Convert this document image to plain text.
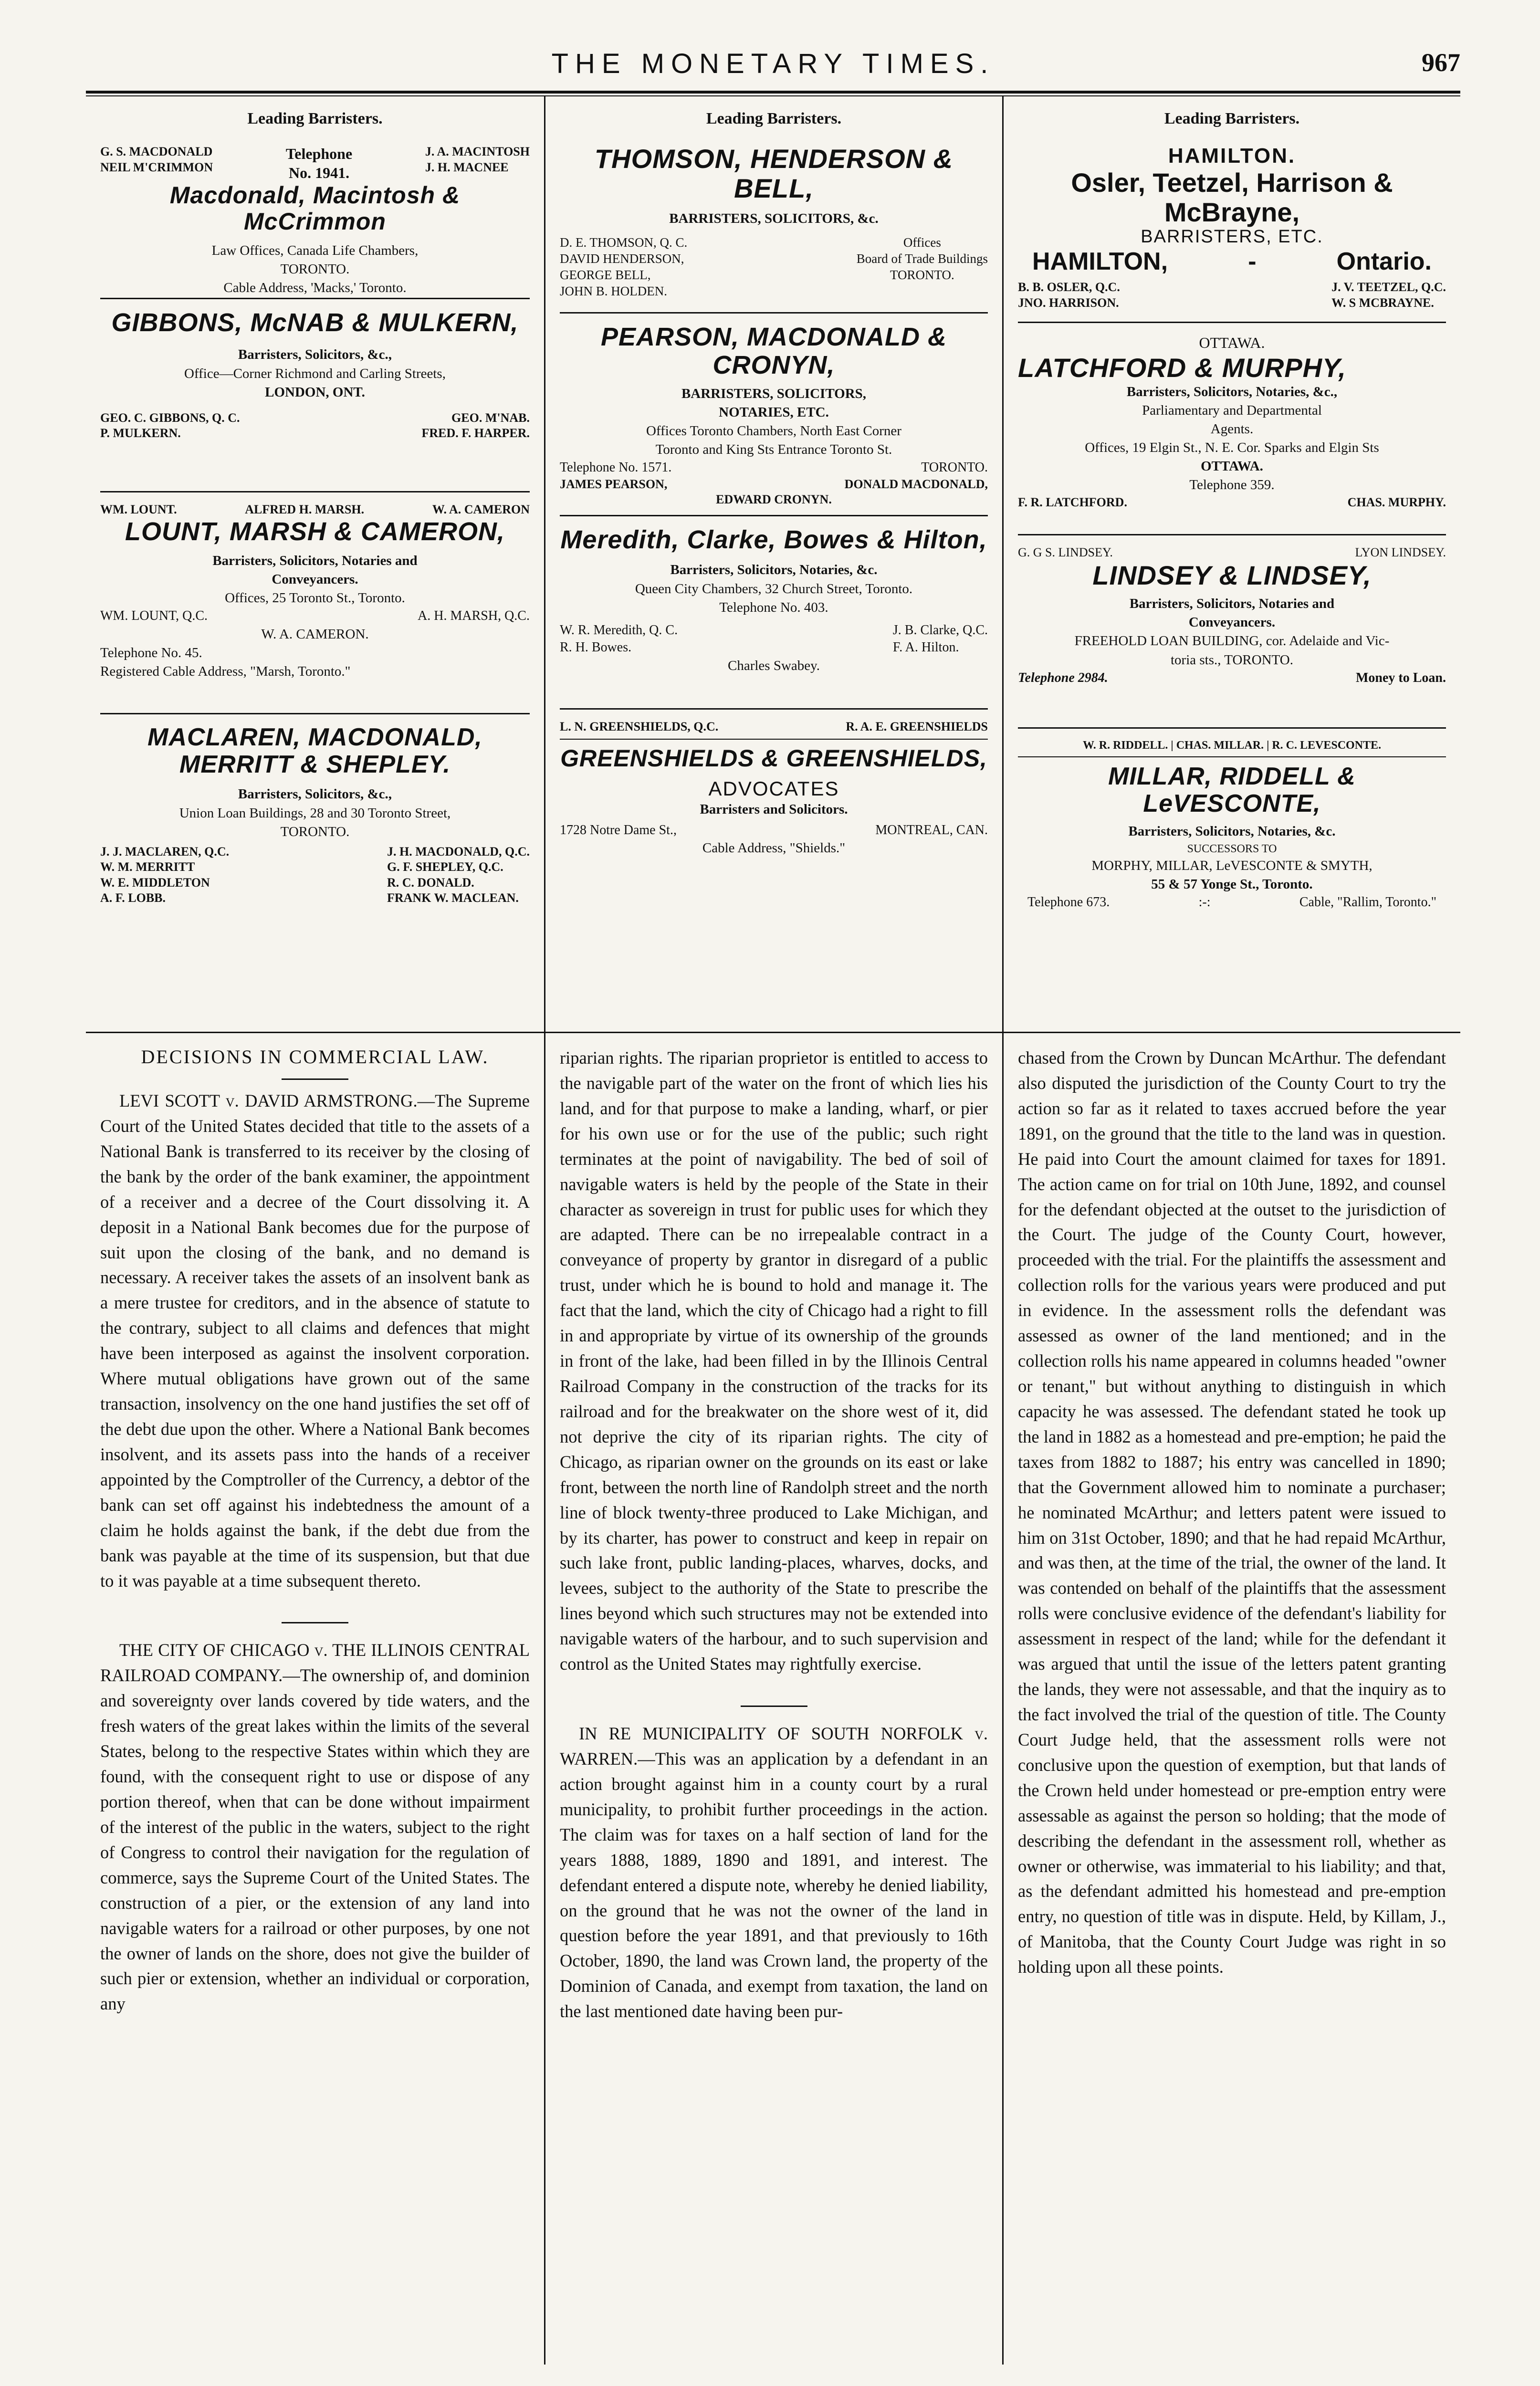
THE MONETARY TIMES.	967
Leading Barristers.
G. S. MACDONALD
NEIL M'CRIMMON
Telephone
No. 1941.
J. A. MACINTOSH
J. H. MACNEE
Macdonald, Macintosh & McCrimmon
Law Offices, Canada Life Chambers,
TORONTO.
Cable Address, 'Macks,' Toronto.
GIBBONS, McNAB & MULKERN,
Barristers, Solicitors, &c.,
Office—Corner Richmond and Carling Streets,
LONDON, ONT.
GEO. C. GIBBONS, Q. C.
P. MULKERN.
GEO. M'NAB.
FRED. F. HARPER.
WM. LOUNT.	ALFRED H. MARSH.	W. A. CAMERON
LOUNT, MARSH & CAMERON,
Barristers, Solicitors, Notaries and
Conveyancers.
Offices, 25 Toronto St., Toronto.
WM. LOUNT, Q.C.	A. H. MARSH, Q.C.
W. A. CAMERON.
Telephone No. 45.
Registered Cable Address, "Marsh, Toronto."
MACLAREN, MACDONALD, MERRITT & SHEPLEY.
Barristers, Solicitors, &c.,
Union Loan Buildings, 28 and 30 Toronto Street,
TORONTO.
J. J. MACLAREN, Q.C.
W. M. MERRITT
W. E. MIDDLETON
A. F. LOBB.
J. H. MACDONALD, Q.C.
G. F. SHEPLEY, Q.C.
R. C. DONALD.
FRANK W. MACLEAN.
Leading Barristers.
THOMSON, HENDERSON & BELL,
BARRISTERS, SOLICITORS, &c.
D. E. THOMSON, Q. C.
DAVID HENDERSON,
GEORGE BELL,
JOHN B. HOLDEN.
Offices
Board of Trade Buildings
TORONTO.
PEARSON, MACDONALD & CRONYN,
BARRISTERS, SOLICITORS,
NOTARIES, ETC.
Offices Toronto Chambers, North East Corner
Toronto and King Sts Entrance Toronto St.
Telephone No. 1571.	TORONTO.
JAMES PEARSON,	DONALD MACDONALD,
EDWARD CRONYN.
Meredith, Clarke, Bowes & Hilton,
Barristers, Solicitors, Notaries, &c.
Queen City Chambers, 32 Church Street, Toronto.
Telephone No. 403.
W. R. Meredith, Q. C.
R. H. Bowes.
J. B. Clarke, Q.C.
F. A. Hilton.
Charles Swabey.
L. N. GREENSHIELDS, Q.C.	R. A. E. GREENSHIELDS
GREENSHIELDS & GREENSHIELDS,
ADVOCATES
Barristers and Solicitors.
1728 Notre Dame St.,	MONTREAL, CAN.
Cable Address, "Shields."
Leading Barristers.
HAMILTON.
Osler, Teetzel, Harrison & McBrayne,
BARRISTERS, ETC.
HAMILTON,	-	Ontario.
B. B. OSLER, Q.C.
JNO. HARRISON.
J. V. TEETZEL, Q.C.
W. S MCBRAYNE.
OTTAWA.
LATCHFORD & MURPHY,
Barristers, Solicitors, Notaries, &c.,
Parliamentary and Departmental
Agents.
Offices, 19 Elgin St., N. E. Cor. Sparks and Elgin Sts
OTTAWA.
Telephone 359.
F. R. LATCHFORD.	CHAS. MURPHY.
G. G S. LINDSEY.	LYON LINDSEY.
LINDSEY & LINDSEY,
Barristers, Solicitors, Notaries and
Conveyancers.
FREEHOLD LOAN BUILDING, cor. Adelaide and Vic-
toria sts., TORONTO.
Telephone 2984.	Money to Loan.
W. R. RIDDELL. | CHAS. MILLAR. | R. C. LEVESCONTE.
MILLAR, RIDDELL & LeVESCONTE,
Barristers, Solicitors, Notaries, &c.
SUCCESSORS TO
MORPHY, MILLAR, LeVESCONTE & SMYTH,
55 & 57 Yonge St., Toronto.
Telephone 673.	:-:	Cable, "Rallim, Toronto."
DECISIONS IN COMMERCIAL LAW.

LEVI SCOTT v. DAVID ARMSTRONG.—The Supreme Court of the United States decided that title to the assets of a National Bank is transferred to its receiver by the closing of the bank by the order of the bank examiner, the appointment of a receiver and a decree of the Court dissolving it. A deposit in a National Bank becomes due for the purpose of suit upon the closing of the bank, and no demand is necessary. A receiver takes the assets of an insolvent bank as a mere trustee for creditors, and in the absence of statute to the contrary, subject to all claims and defences that might have been interposed as against the insolvent corporation. Where mutual obligations have grown out of the same transaction, insolvency on the one hand justifies the set off of the debt due upon the other. Where a National Bank becomes insolvent, and its assets pass into the hands of a receiver appointed by the Comptroller of the Currency, a debtor of the bank can set off against his indebtedness the amount of a claim he holds against the bank, if the debt due from the bank was payable at the time of its suspension, but that due to it was payable at a time subsequent thereto.

THE CITY OF CHICAGO v. THE ILLINOIS CENTRAL RAILROAD COMPANY.—The ownership of, and dominion and sovereignty over lands covered by tide waters, and the fresh waters of the great lakes within the limits of the several States, belong to the respective States within which they are found, with the consequent right to use or dispose of any portion thereof, when that can be done without impairment of the interest of the public in the waters, subject to the right of Congress to control their navigation for the regulation of commerce, says the Supreme Court of the United States. The construction of a pier, or the extension of any land into navigable waters for a railroad or other purposes, by one not the owner of lands on the shore, does not give the builder of such pier or extension, whether an individual or corporation, any

riparian rights. The riparian proprietor is entitled to access to the navigable part of the water on the front of which lies his land, and for that purpose to make a landing, wharf, or pier for his own use or for the use of the public; such right terminates at the point of navigability. The bed of soil of navigable waters is held by the people of the State in their character as sovereign in trust for public uses for which they are adapted. There can be no irrepealable contract in a conveyance of property by grantor in disregard of a public trust, under which he is bound to hold and manage it. The fact that the land, which the city of Chicago had a right to fill in and appropriate by virtue of its ownership of the grounds in front of the lake, had been filled in by the Illinois Central Railroad Company in the construction of the tracks for its railroad and for the breakwater on the shore west of it, did not deprive the city of its riparian rights. The city of Chicago, as riparian owner on the grounds on its east or lake front, between the north line of Randolph street and the north line of block twenty-three produced to Lake Michigan, and by its charter, has power to construct and keep in repair on such lake front, public landing-places, wharves, docks, and levees, subject to the authority of the State to prescribe the lines beyond which such structures may not be extended into navigable waters of the harbour, and to such supervision and control as the United States may rightfully exercise.

IN RE MUNICIPALITY OF SOUTH NORFOLK v. WARREN.—This was an application by a defendant in an action brought against him in a county court by a rural municipality, to prohibit further proceedings in the action. The claim was for taxes on a half section of land for the years 1888, 1889, 1890 and 1891, and interest. The defendant entered a dispute note, whereby he denied liability, on the ground that he was not the owner of the land in question before the year 1891, and that previously to 16th October, 1890, the land was Crown land, the property of the Dominion of Canada, and exempt from taxation, the land on the last mentioned date having been pur-

chased from the Crown by Duncan McArthur. The defendant also disputed the jurisdiction of the County Court to try the action so far as it related to taxes accrued before the year 1891, on the ground that the title to the land was in question. He paid into Court the amount claimed for taxes for 1891. The action came on for trial on 10th June, 1892, and counsel for the defendant objected at the outset to the jurisdiction of the Court. The judge of the County Court, however, proceeded with the trial. For the plaintiffs the assessment and collection rolls for the various years were produced and put in evidence. In the assessment rolls the defendant was assessed as owner of the land mentioned; and in the collection rolls his name appeared in columns headed "owner or tenant," but without anything to distinguish in which capacity he was assessed. The defendant stated he took up the land in 1882 as a homestead and pre-emption; he paid the taxes from 1882 to 1887; his entry was cancelled in 1890; that the Government allowed him to nominate a purchaser; he nominated McArthur; and letters patent were issued to him on 31st October, 1890; and that he had repaid McArthur, and was then, at the time of the trial, the owner of the land. It was contended on behalf of the plaintiffs that the assessment rolls were conclusive evidence of the defendant's liability for assessment in respect of the land; while for the defendant it was argued that until the issue of the letters patent granting the lands, they were not assessable, and that the inquiry as to the fact involved the trial of the question of title. The County Court Judge held, that the assessment rolls were not conclusive upon the question of exemption, but that lands of the Crown held under homestead or pre-emption entry were assessable as against the person so holding; that the mode of describing the defendant in the assessment roll, whether as owner or otherwise, was immaterial to his liability; and that, as the defendant admitted his homestead and pre-emption entry, no question of title was in dispute. Held, by Killam, J., of Manitoba, that the County Court Judge was right in so holding upon all these points.
